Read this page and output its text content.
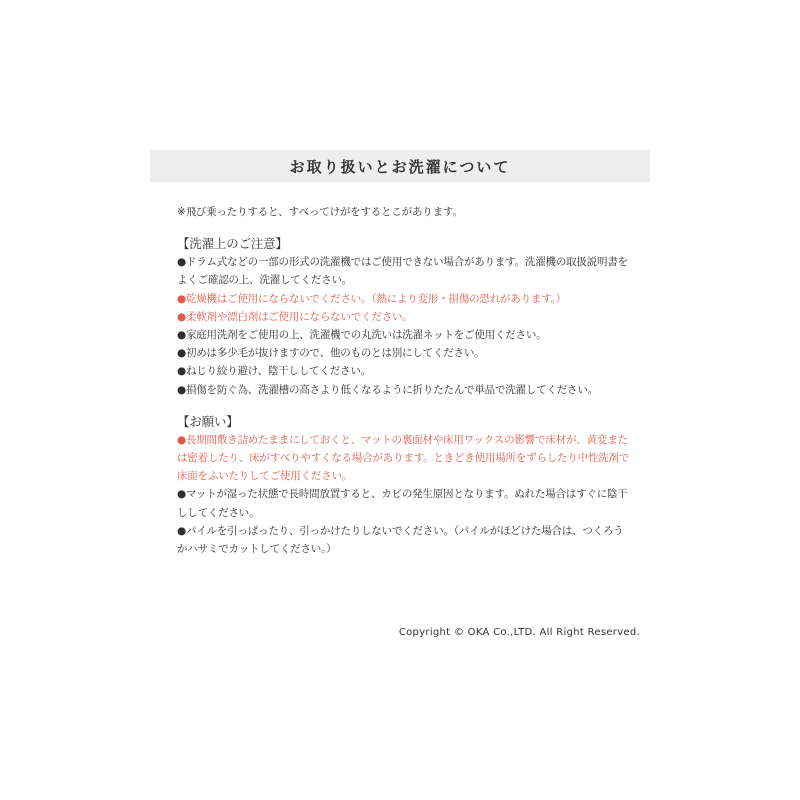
お取り扱いとお洗濯について
※飛び乗ったりすると、すべってけがをするとこがあります。
【洗濯上のご注意】
●ドラム式などの一部の形式の洗濯機ではご使用できない場合があります。洗濯機の取扱説明書を
よくご確認の上、洗濯してください。
●乾燥機はご使用にならないでください。（熱により変形・損傷の恐れがあります。）
●柔軟剤や漂白剤はご使用にならないでください。
●家庭用洗剤をご使用の上、洗濯機での丸洗いは洗濯ネットをご使用ください。
●初めは多少毛が抜けますので、他のものとは別にしてください。
●ねじり絞り避け、陰干ししてください。
●損傷を防ぐ為、洗濯槽の高さより低くなるように折りたたんで単品で洗濯してください。
【お願い】
●長期間敷き詰めたままにしておくと、マットの裏面材や床用ワックスの影響で床材が、黄変また
は密着したり、床がすべりやすくなる場合があります。ときどき使用場所をずらしたり中性洗剤で
床面をふいたりしてご使用ください。
●マットが湿った状態で長時間放置すると、カビの発生原因となります。ぬれた場合はすぐに陰干
ししてください。
●パイルを引っぱったり、引っかけたりしないでください。（パイルがほどけた場合は、つくろう
かハサミでカットしてください。）
Copyright © OKA Co.,LTD. All Right Reserved.
